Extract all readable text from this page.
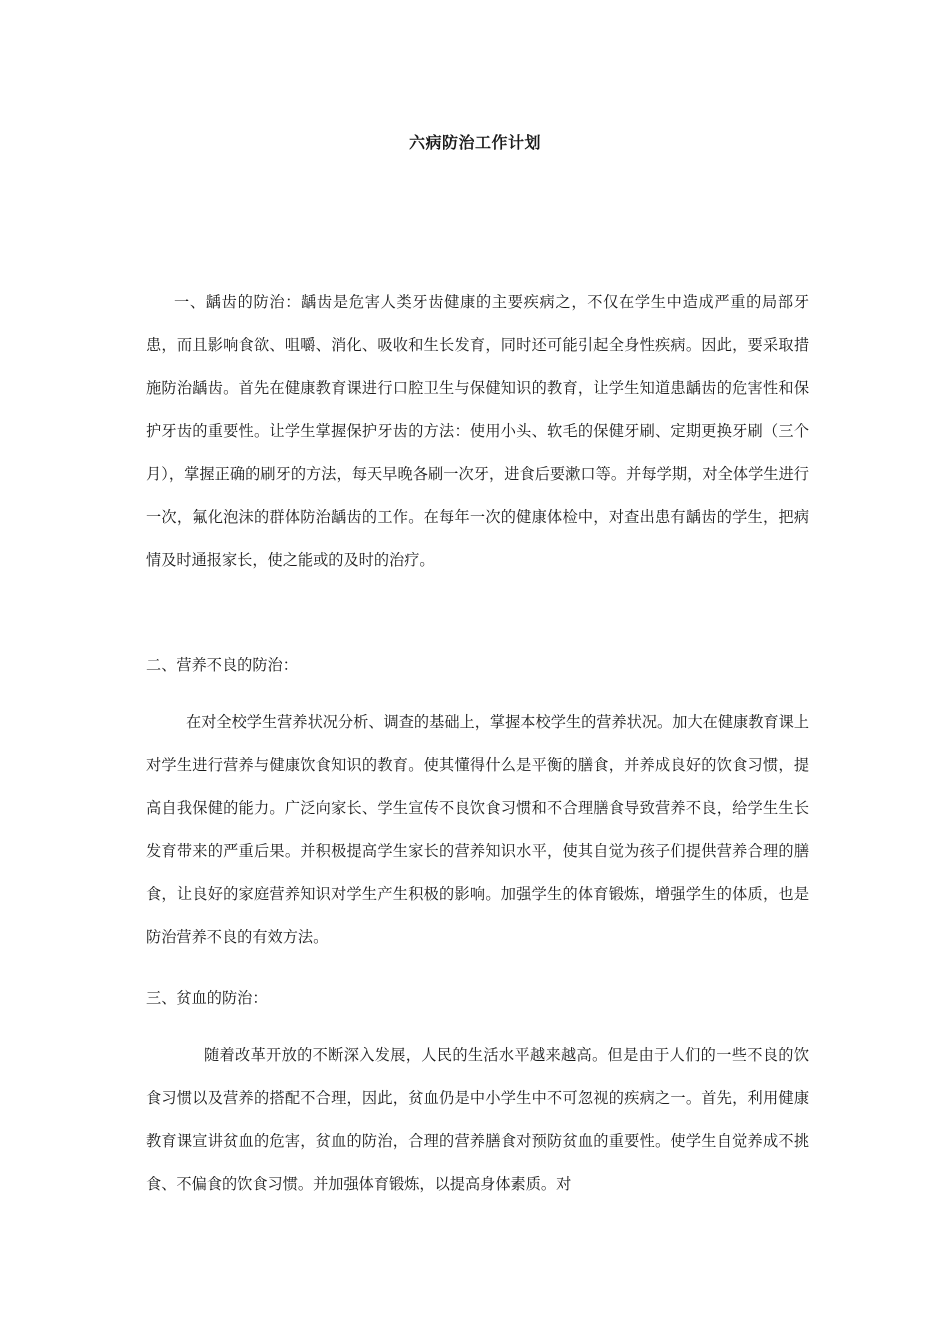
六病防治工作计划

一、龋齿的防治：龋齿是危害人类牙齿健康的主要疾病之，不仅在学生中造成严重的局部牙患，而且影响食欲、咀嚼、消化、吸收和生长发育，同时还可能引起全身性疾病。因此，要采取措施防治龋齿。首先在健康教育课进行口腔卫生与保健知识的教育，让学生知道患龋齿的危害性和保护牙齿的重要性。让学生掌握保护牙齿的方法：使用小头、软毛的保健牙刷、定期更换牙刷（三个月），掌握正确的刷牙的方法，每天早晚各刷一次牙，进食后要漱口等。并每学期，对全体学生进行一次，氟化泡沫的群体防治龋齿的工作。在每年一次的健康体检中，对查出患有龋齿的学生，把病情及时通报家长，使之能或的及时的治疗。

二、营养不良的防治：

在对全校学生营养状况分析、调查的基础上，掌握本校学生的营养状况。加大在健康教育课上对学生进行营养与健康饮食知识的教育。使其懂得什么是平衡的膳食，并养成良好的饮食习惯，提高自我保健的能力。广泛向家长、学生宣传不良饮食习惯和不合理膳食导致营养不良，给学生生长发育带来的严重后果。并积极提高学生家长的营养知识水平，使其自觉为孩子们提供营养合理的膳食，让良好的家庭营养知识对学生产生积极的影响。加强学生的体育锻炼，增强学生的体质，也是防治营养不良的有效方法。

三、贫血的防治：

随着改革开放的不断深入发展，人民的生活水平越来越高。但是由于人们的一些不良的饮食习惯以及营养的搭配不合理，因此，贫血仍是中小学生中不可忽视的疾病之一。首先，利用健康教育课宣讲贫血的危害，贫血的防治，合理的营养膳食对预防贫血的重要性。使学生自觉养成不挑食、不偏食的饮食习惯。并加强体育锻炼，以提高身体素质。对
